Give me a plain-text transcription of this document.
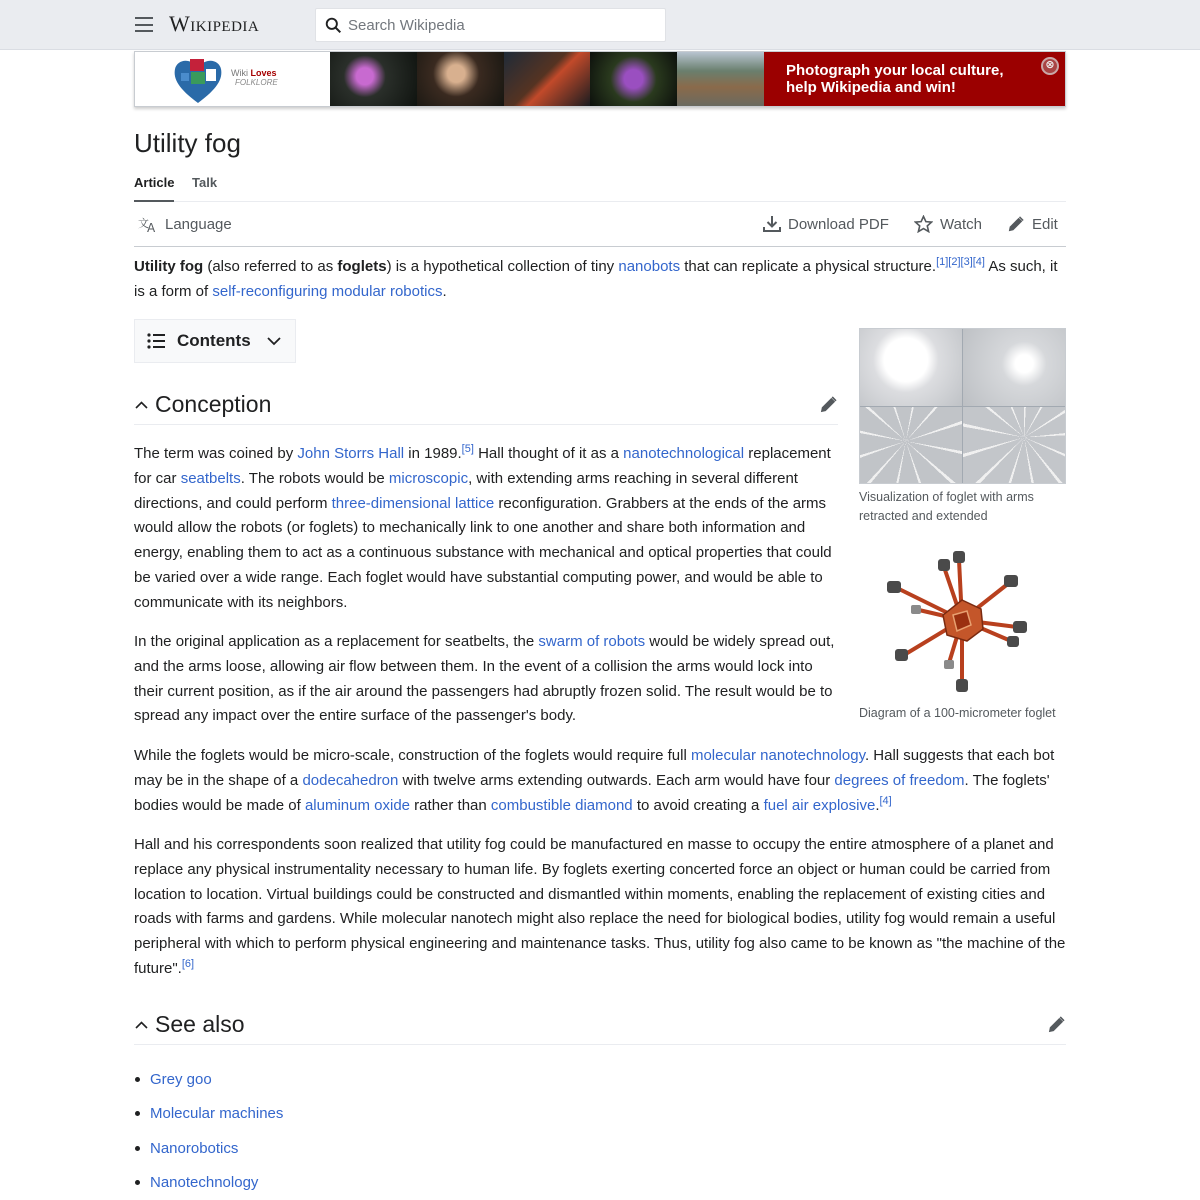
Wikipedia
Search Wikipedia
Wiki Loves
FOLKLORE
Photograph your local culture, help Wikipedia and win!
⊗
Utility fog
Article Talk
文
A Language	Download PDF	Watch	Edit

Utility fog (also referred to as foglets) is a hypothetical collection of tiny nanobots that can replicate a physical structure.[1][2][3][4] As such, it is a form of self-reconfiguring modular robotics.

Contents
Conception

The term was coined by John Storrs Hall in 1989.[5] Hall thought of it as a nanotechnological replacement for car seatbelts. The robots would be microscopic, with extending arms reaching in several different directions, and could perform three-dimensional lattice reconfiguration. Grabbers at the ends of the arms would allow the robots (or foglets) to mechanically link to one another and share both information and energy, enabling them to act as a continuous substance with mechanical and optical properties that could be varied over a wide range. Each foglet would have substantial computing power, and would be able to communicate with its neighbors.

In the original application as a replacement for seatbelts, the swarm of robots would be widely spread out, and the arms loose, allowing air flow between them. In the event of a collision the arms would lock into their current position, as if the air around the passengers had abruptly frozen solid. The result would be to spread any impact over the entire surface of the passenger's body.

Visualization of foglet with arms retracted and extended
Diagram of a 100-micrometer foglet

While the foglets would be micro-scale, construction of the foglets would require full molecular nanotechnology. Hall suggests that each bot may be in the shape of a dodecahedron with twelve arms extending outwards. Each arm would have four degrees of freedom. The foglets' bodies would be made of aluminum oxide rather than combustible diamond to avoid creating a fuel air explosive.[4]

Hall and his correspondents soon realized that utility fog could be manufactured en masse to occupy the entire atmosphere of a planet and replace any physical instrumentality necessary to human life. By foglets exerting concerted force an object or human could be carried from location to location. Virtual buildings could be constructed and dismantled within moments, enabling the replacement of existing cities and roads with farms and gardens. While molecular nanotech might also replace the need for biological bodies, utility fog would remain a useful peripheral with which to perform physical engineering and maintenance tasks. Thus, utility fog also came to be known as "the machine of the future".[6]

See also
Grey goo
Molecular machines
Nanorobotics
Nanotechnology
